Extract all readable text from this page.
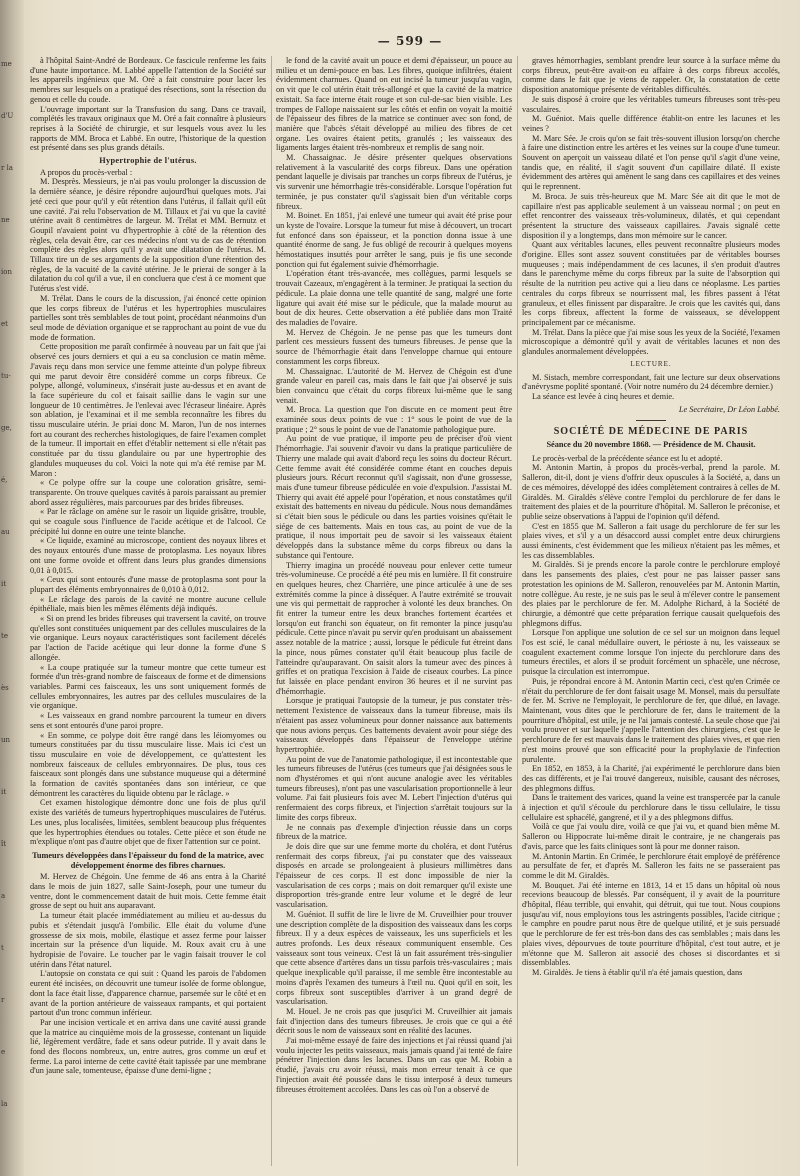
me
d'U
r la
ne
ion
et
tu-
ge,
é,
au
it
te
ès
un
it
ît
a
t
r
e
la
— 599 —

à l'hôpital Saint-André de Bordeaux. Ce fascicule renferme les faits d'une haute importance. M. Labbé appelle l'attention de la Société sur les appareils ingénieux que M. Oré a fait construire pour lacer les membres sur lesquels on a pratiqué des résections, sont la résection du genou et celle du coude.

L'ouvrage important sur la Transfusion du sang. Dans ce travail, complétés les travaux originaux que M. Oré a fait connaître à plusieurs reprises à la Société de chirurgie, et sur lesquels vous avez lu les rapports de MM. Broca et Labbé. En outre, l'historique de la question est présenté dans ses plus grands détails.

Hypertrophie de l'utérus.

A propos du procès-verbal :

M. Desprès. Messieurs, je n'ai pas voulu prolonger la discussion de la dernière séance, je désire répondre aujourd'hui quelques mots. J'ai jeté ceci que pour qu'il y eût rétention dans l'utérus, il fallait qu'il eût une cavité. J'ai relu l'observation de M. Tillaux et j'ai vu que la cavité utérine avait 8 centimètres de largeur. M. Trélat et MM. Bernutz et Goupil n'avaient point vu d'hypertrophie à côté de la rétention des règles, cela devait être, car ces médecins n'ont vu de cas de rétention complète des règles alors qu'il y avait une dilatation de l'utérus. M. Tillaux tire un de ses arguments de la supposition d'une rétention des règles, de la vacuité de la cavité utérine. Je le prierai de songer à la dilatation du col qu'il a vue, il en concluera que c'est à ce moment que l'utérus s'est vidé.

M. Trélat. Dans le cours de la discussion, j'ai énoncé cette opinion que les corps fibreux de l'utérus et les hypertrophies musculaires partielles sont très semblables de tout point, procédant néanmoins d'un seul mode de déviation organique et se rapprochant au point de vue du mode de formation.

Cette proposition me paraît confirmée à nouveau par un fait que j'ai observé ces jours derniers et qui a eu sa conclusion ce matin même. J'avais reçu dans mon service une femme atteinte d'un polype fibreux qui me parut devoir être considéré comme un corps fibreux. Ce polype, allongé, volumineux, s'insérait juste au-dessus et en avant de la face supérieure du col et faisait saillie dans le vagin sur une longueur de 10 centimètres. Je l'enlevai avec l'écraseur linéaire. Après son ablation, je l'examinai et il me sembla reconnaître les fibres du tissu musculaire utérin. Je priai donc M. Maron, l'un de nos internes fort au courant des recherches histologiques, de faire l'examen complet de la tumeur. Il importait en effet d'établir nettement si elle n'était pas constituée par du tissu glandulaire ou par une hypertrophie des glandules muqueuses du col. Voici la note qui m'a été remise par M. Maron :

« Ce polype offre sur la coupe une coloration grisâtre, semi-transparente. On trouve quelques cavités à parois paraissant au premier abord assez régulières, mais parcourues par des brides fibreuses.

« Par le râclage on amène sur le rasoir un liquide grisâtre, trouble, qui se coagule sous l'influence de l'acide acétique et de l'alcool. Ce précipité lui donne en outre une teinte blanche.

« Ce liquide, examiné au microscope, contient des noyaux libres et des noyaux entourés d'une masse de protoplasma. Les noyaux libres ont une forme ovoïde et offrent dans leurs plus grandes dimensions 0,01 à 0,015.

« Ceux qui sont entourés d'une masse de protoplasma sont pour la plupart des éléments embryonnaires de 0,010 à 0,012.

« Le râclage des parois de la cavité ne montre aucune cellule épithéliale, mais bien les mêmes éléments déjà indiqués.

« Si on prend les brides fibreuses qui traversent la cavité, on trouve qu'elles sont constituées uniquement par des cellules musculaires de la vie organique. Leurs noyaux caractéristiques sont facilement décelés par l'action de l'acide acétique qui leur donne la forme d'une S allongée.

« La coupe pratiquée sur la tumeur montre que cette tumeur est formée d'un très-grand nombre de faisceaux de forme et de dimensions variables. Parmi ces faisceaux, les uns sont uniquement formés de cellules embryonnaires, les autres par des cellules musculaires de la vie organique.

« Les vaisseaux en grand nombre parcourent la tumeur en divers sens et sont entourés d'une paroi propre.

« En somme, ce polype doit être rangé dans les léiomyomes ou tumeurs constituées par du tissu musculaire lisse. Mais ici c'est un tissu musculaire en voie de développement, ce qu'attestent les nombreux faisceaux de cellules embryonnaires. De plus, tous ces faisceaux sont plongés dans une substance muqueuse qui a déterminé la formation de cavités spontanées dans son intérieur, ce que démontrent les caractères du liquide obtenu par le râclage. »

Cet examen histologique démontre donc une fois de plus qu'il existe des variétés de tumeurs hypertrophiques musculaires de l'utérus. Les unes, plus localisées, limitées, semblent beaucoup plus fréquentes que les hypertrophies étendues ou totales. Cette pièce et son étude ne m'explique n'ont pas d'autre objet que de fixer l'attention sur ce point.

Tumeurs développées dans l'épaisseur du fond de la matrice, avec développement énorme des fibres charnues.

M. Hervez de Chégoin. Une femme de 46 ans entra à la Charité dans le mois de juin 1827, salle Saint-Joseph, pour une tumeur du ventre, dont le commencement datait de huit mois. Cette femme était grosse de sept ou huit ans auparavant.

La tumeur était placée immédiatement au milieu et au-dessus du pubis et s'étendait jusqu'à l'ombilic. Elle était du volume d'une grossesse de six mois, mobile, élastique et assez ferme pour laisser incertain sur la présence d'un liquide. M. Roux avait cru à une hydropisie de l'ovaire. Le toucher par le vagin faisait trouver le col utérin dans l'état naturel.

L'autopsie on constata ce qui suit : Quand les parois de l'abdomen eurent été incisées, on découvrit une tumeur isolée de forme oblongue, dont la face était lisse, d'apparence charnue, parsemée sur le côté et en avant de la portion antérieure de vaisseaux rampants, et qui portaient partout d'un tronc commun inférieur.

Par une incision verticale et en arriva dans une cavité aussi grande que la matrice au cinquième mois de la grossesse, contenant un liquide lié, légèrement verdâtre, fade et sans odeur putride. Il y avait dans le fond des flocons nombreux, un, entre autres, gros comme un œuf et ferme. La paroi interne de cette cavité était tapissée par une membrane d'un jaune sale, tomenteuse, épaisse d'une demi-ligne ;

le fond de la cavité avait un pouce et demi d'épaisseur, un pouce au milieu et un demi-pouce en bas. Les fibres, quoique infiltrées, étaient évidemment charnues. Quand on eut incisé la tumeur jusqu'au vagin, on vit que le col utérin était très-allongé et que la cavité de la matrice existait. Sa face interne était rouge et son cul-de-sac bien visible. Les trompes de Fallope naissaient sur les côtés et enfin on voyait la moitié de l'épaisseur des fibres de la matrice se continuer avec son fond, de manière que l'abcès s'était développé au milieu des fibres de cet organe. Les ovaires étaient petits, granulés ; les vaisseaux des ligaments larges étaient très-nombreux et remplis de sang noir.

M. Chassaignac. Je désire présenter quelques observations relativement à la vascularité des corps fibreux. Dans une opération pendant laquelle je divisais par tranches un corps fibreux de l'utérus, je vis survenir une hémorrhagie très-considérable. Lorsque l'opération fut terminée, je pus constater qu'il s'agissait bien d'un véritable corps fibreux.

M. Boinet. En 1851, j'ai enlevé une tumeur qui avait été prise pour un kyste de l'ovaire. Lorsque la tumeur fut mise à découvert, un trocart fut enfoncé dans son épaisseur, et la ponction donna issue à une quantité énorme de sang. Je fus obligé de recourir à quelques moyens hémostatiques insuttés pour arrêter le sang, puis je fis une seconde ponction qui fut également suivie d'hémorrhagie.

L'opération étant très-avancée, mes collègues, parmi lesquels se trouvait Cazeaux, m'engagèrent à la terminer. Je pratiquai la section du pédicule. La plaie donna une telle quantité de sang, malgré une forte ligature qui avait été mise sur le pédicule, que la malade mourut au bout de dix heures. Cette observation a été publiée dans mon Traité des maladies de l'ovaire.

M. Hervez de Chégoin. Je ne pense pas que les tumeurs dont parlent ces messieurs fussent des tumeurs fibreuses. Je pense que la source de l'hémorrhagie était dans l'enveloppe charnue qui entoure constamment les corps fibreux.

M. Chassaignac. L'autorité de M. Hervez de Chégoin est d'une grande valeur en pareil cas, mais dans le fait que j'ai observé je suis bien convaincu que c'était du corps fibreux lui-même que le sang venait.

M. Broca. La question que l'on discute en ce moment peut être examinée sous deux points de vue : 1° sous le point de vue de la pratique ; 2° sous le point de vue de l'anatomie pathologique pure.

Au point de vue pratique, il importe peu de préciser d'où vient l'hémorrhagie. J'ai souvenir d'avoir vu dans la pratique particulière de Thierry une malade qui avait d'abord reçu les soins du docteur Récurt. Cette femme avait été considérée comme étant en couches depuis plusieurs jours. Récurt reconnut qu'il s'agissait, non d'une grossesse, mais d'une tumeur fibreuse pédiculée en voie d'expulsion. J'assistai M. Thierry qui avait été appelé pour l'opération, et nous constatâmes qu'il existait des battements en niveau du pédicule. Nous nous demandâmes si c'était bien sous le pédicule ou dans les parties voisines qu'était le siége de ces battements. Mais en tous cas, au point de vue de la pratique, il nous importait peu de savoir si les vaisseaux étaient développés dans la substance même du corps fibreux ou dans la substance qui l'entoure.

Thierry imagina un procédé nouveau pour enlever cette tumeur très-volumineuse. Ce procédé a été peu mis en lumière. Il fit construire en quelques heures, chez Charrière, une pince articulée à une de ses extrémités comme la pince à disséquer. A l'autre extrémité se trouvait une vis qui permettait de rapprocher à volonté les deux branches. On fit entrer la tumeur entre les deux branches fortement écartées et lorsqu'on eut franchi son équateur, on fit remonter la pince jusqu'au pédicule. Cette pince n'avait pu servir qu'en produisant un abaissement assez notable de la matrice ; aussi, lorsque le pédicule fut étreint dans la pince, nous pûmes constater qu'il était beaucoup plus facile de l'atteindre qu'auparavant. On saisit alors la tumeur avec des pinces à griffes et on pratiqua l'excision à l'aide de ciseaux courbes. La pince fut laissée en place pendant environ 36 heures et il ne survint pas d'hémorrhagie.

Lorsque je pratiquai l'autopsie de la tumeur, je pus constater très-nettement l'existence de vaisseaux dans la tumeur fibreuse, mais ils n'étaient pas assez volumineux pour donner naissance aux battements que nous avions perçus. Ces battements devaient avoir pour siége des vaisseaux développés dans l'épaisseur de l'enveloppe utérine hypertrophiée.

Au point de vue de l'anatomie pathologique, il est incontestable que les tumeurs fibreuses de l'utérus (ces tumeurs que j'ai désignées sous le nom d'hystéromes et qui n'ont aucune analogie avec les véritables tumeurs fibreuses), n'ont pas une vascularisation proportionnelle à leur volume. J'ai fait plusieurs fois avec M. Lebert l'injection d'utérus qui renfermaient des corps fibreux, et l'injection s'arrêtait toujours sur la limite des corps fibreux.

Je ne connais pas d'exemple d'injection réussie dans un corps fibreux de la matrice.

Je dois dire que sur une femme morte du choléra, et dont l'utérus renfermait des corps fibreux, j'ai pu constater que des vaisseaux disposés en arcade se prolongeaient à plusieurs millimètres dans l'épaisseur de ces corps. Il est donc impossible de nier la vascularisation de ces corps ; mais on doit remarquer qu'il existe une disproportion très-grande entre leur volume et le degré de leur vascularisation.

M. Guéniot. Il suffit de lire le livre de M. Cruveilhier pour trouver une description complète de la disposition des vaisseaux dans les corps fibreux. Il y a deux espèces de vaisseaux, les uns superficiels et les autres profonds. Les deux réseaux communiquent ensemble. Ces vaisseaux sont tous veineux. C'est là un fait assurément très-singulier que cette absence d'artères dans un tissu parfois très-vasculaires ; mais quelque inexplicable qu'il paraisse, il me semble être incontestable au moins d'après l'examen des tumeurs à l'œil nu. Quoi qu'il en soit, les corps fibreux sont susceptibles d'arriver à un grand degré de vascularisation.

M. Houel. Je ne crois pas que jusqu'ici M. Cruveilhier ait jamais fait d'injection dans des tumeurs fibreuses. Je crois que ce qui a été décrit sous le nom de vaisseaux sont en réalité des lacunes.

J'ai moi-même essayé de faire des injections et j'ai réussi quand j'ai voulu injecter les petits vaisseaux, mais jamais quand j'ai tenté de faire pénétrer l'injection dans les lacunes. Dans un cas que M. Robin a étudié, j'avais cru avoir réussi, mais mon erreur tenait à ce que l'injection avait été poussée dans le tissu interposé à deux tumeurs fibreuses étroitement accolées. Dans les cas où l'on a observé de

graves hémorrhagies, semblant prendre leur source à la surface même du corps fibreux, peut-être avait-on eu affaire à des corps fibreux accolés, comme dans le fait que je viens de rappeler. Or, la constatation de cette disposition anatomique présente de véritables difficultés.

Je suis disposé à croire que les véritables tumeurs fibreuses sont très-peu vasculaires.

M. Guéniot. Mais quelle différence établit-on entre les lacunes et les veines ?

M. Marc Sée. Je crois qu'on se fait très-souvent illusion lorsqu'on cherche à faire une distinction entre les artères et les veines sur la coupe d'une tumeur. Souvent on aperçoit un vaisseau dilaté et l'on pense qu'il s'agit d'une veine, tandis que, en réalité, il s'agit souvent d'un capillaire dilaté. Il existe évidemment des artères qui amènent le sang dans ces capillaires et des veines qui le reprennent.

M. Broca. Je suis très-heureux que M. Marc Sée ait dit que le mot de capillaire n'est pas applicable seulement à un vaisseau normal ; on peut en effet rencontrer des vaisseaux très-volumineux, dilatés, et qui cependant présentent la structure des vaisseaux capillaires. J'avais signalé cette disposition il y a longtemps, dans mon mémoire sur le cancer.

Quant aux véritables lacunes, elles peuvent reconnaître plusieurs modes d'origine. Elles sont assez souvent constituées par de véritables bourses muqueuses ; mais indépendamment de ces lacunes, il s'en produit d'autres dans le parenchyme même du corps fibreux par la suite de l'absorption qui résulte de la nutrition peu active qui a lieu dans ce néoplasme. Les parties centrales du corps fibreux se nourrissent mal, les fibres passent à l'état granuleux, et elles finissent par disparaître. Je crois que les cavités qui, dans les corps fibreux, affectent la forme de vaisseaux, se développent principalement par ce mécanisme.

M. Trélat. Dans la pièce que j'ai mise sous les yeux de la Société, l'examen microscopique a démontré qu'il y avait de véritables lacunes et non des glandules anormalement développées.

LECTURE.

M. Sistach, membre correspondant, fait une lecture sur deux observations d'anévrysme poplité spontané. (Voir notre numéro du 24 décembre dernier.)

La séance est levée à cinq heures et demie.

Le Secrétaire, Dr Léon Labbé.

SOCIÉTÉ DE MÉDECINE DE PARIS

Séance du 20 novembre 1868. — Présidence de M. Chausit.

Le procès-verbal de la précédente séance est lu et adopté.

M. Antonin Martin, à propos du procès-verbal, prend la parole. M. Salleron, dit-il, dont je viens d'offrir deux opuscules à la Société, a, dans un de ces mémoires, développé des idées complètement contraires à celles de M. Giraldès. M. Giraldès s'élève contre l'emploi du perchlorure de fer dans le traitement des plaies et de la pourriture d'hôpital. M. Salleron le préconise, et publie seize observations à l'appui de l'opinion qu'il défend.

C'est en 1855 que M. Salleron a fait usage du perchlorure de fer sur les plaies vives, et s'il y a un désaccord aussi complet entre deux chirurgiens aussi éminents, c'est évidemment que les milieux n'étaient pas les mêmes, et les cas dissemblables.

M. Giraldès. Si je prends encore la parole contre le perchlorure employé dans les pansements des plaies, c'est pour ne pas laisser passer sans protestation les opinions de M. Salleron, renouvelées par M. Antonin Martin, notre collègue. Au reste, je ne suis pas le seul à m'élever contre le pansement des plaies par le perchlorure de fer. M. Adolphe Richard, à la Société de chirurgie, a démontré que cette préparation ferrique causait quelquefois des phlegmons diffus.

Lorsque l'on applique une solution de ce sel sur un moignon dans lequel l'os est scié, le canal médullaire ouvert, le périoste à nu, les vaisseaux se coagulent exactement comme lorsque l'on injecte du perchlorure dans des tumeurs érectiles, et alors il se produit forcément un sphacèle, une nécrose, puisque la circulation est interrompue.

Puis, je répondrai encore à M. Antonin Martin ceci, c'est qu'en Crimée ce n'était du perchlorure de fer dont faisait usage M. Monsel, mais du persulfate de fer. M. Scrive ne l'employait, le perchlorure de fer, que dilué, en lavage. Maintenant, vous dites que le perchlorure de fer, dans le traitement de la pourriture d'hôpital, est utile, je ne l'ai jamais contesté. La seule chose que j'ai voulu prouver et sur laquelle j'appelle l'attention des chirurgiens, c'est que le perchlorure de fer est mauvais dans le traitement des plaies vives, et que rien n'est moins prouvé que son efficacité pour la prophylaxie de l'infection purulente.

En 1852, en 1853, à la Charité, j'ai expérimenté le perchlorure dans bien des cas différents, et je l'ai trouvé dangereux, nuisible, causant des nécroses, des phlegmons diffus.

Dans le traitement des varices, quand la veine est transpercée par la canule à injection et qu'il s'écoule du perchlorure dans le tissu cellulaire, le tissu cellulaire est sphacélé, gangrené, et il y a des phlegmons diffus.

Voilà ce que j'ai voulu dire, voilà ce que j'ai vu, et quand bien même M. Salleron ou Hippocrate lui-même dirait le contraire, je ne changerais pas d'avis, parce que les faits cliniques sont là pour me donner raison.

M. Antonin Martin. En Crimée, le perchlorure était employé de préférence au persulfate de fer, et d'après M. Salleron les faits ne se passeraient pas comme le dit M. Giraldès.

M. Bouquet. J'ai été interne en 1813, 14 et 15 dans un hôpital où nous recevions beaucoup de blessés. Par conséquent, il y avait de la pourriture d'hôpital, fléau terrible, qui envahit, qui détruit, qui tue tout. Nous coupions jusqu'au vif, nous employions tous les astringents possibles, l'acide citrique ; le camphre en poudre parut nous être de quelque utilité, et je suis persuadé que le perchlorure de fer est très-bon dans des cas semblables ; mais dans les plaies vives, dépourvues de toute pourriture d'hôpital, c'est tout autre, et je m'étonne que M. Salleron ait associé des choses si discordantes et si dissemblables.

M. Giraldès. Je tiens à établir qu'il n'a été jamais question, dans
